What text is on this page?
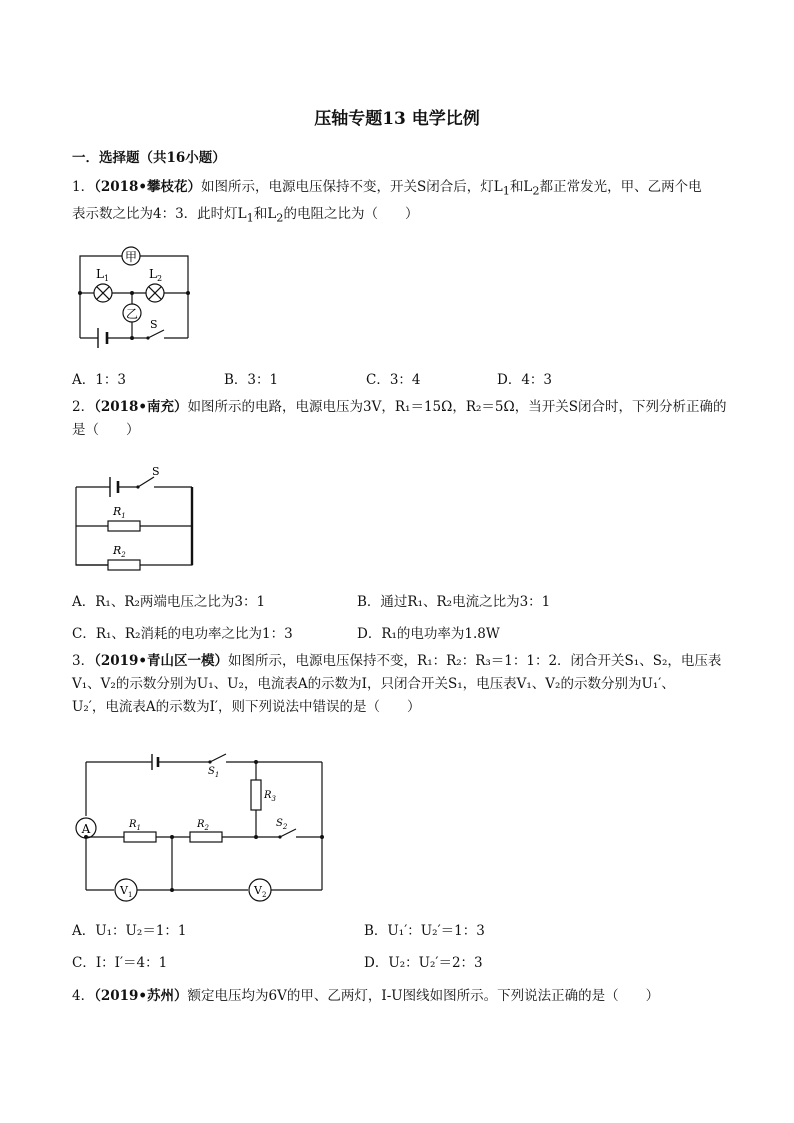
压轴专题13 电学比例
一．选择题（共16小题）
1．（2018•攀枝花）如图所示，电源电压保持不变，开关S闭合后，灯$L_1$和$L_2$都正常发光，甲、乙两个电
表示数之比为4：3．此时灯$L_1$和$L_2$的电阻之比为（　　）
甲
乙
$L_1$	$L_2$
S
A．1：3	B．3：1	C．3：4	D．4：3
2．（2018•南充）如图所示的电路，电源电压为3V，R₁＝15Ω，R₂＝5Ω，当开关S闭合时，下列分析正确的
是（　　）
S
$R_1$
$R_2$
A．R₁、R₂两端电压之比为3：1	B．通过R₁、R₂电流之比为3：1
C．R₁、R₂消耗的电功率之比为1：3	D．R₁的电功率为1.8W
3．（2019•青山区一模）如图所示，电源电压保持不变，R₁：R₂：R₃＝1：1：2．闭合开关S₁、S₂，电压表
V₁、V₂的示数分别为U₁、U₂，电流表A的示数为I，只闭合开关S₁，电压表V₁、V₂的示数分别为U₁′、
U₂′，电流表A的示数为I′，则下列说法中错误的是（　　）
A
$S_1$
$S_2$
$R_3$
$R_1$	$R_2$
$V_1$	$V_2$
A．U₁：U₂＝1：1	B．U₁′：U₂′＝1：3
C．I：I′＝4：1	D．U₂：U₂′＝2：3
4．（2019•苏州）额定电压均为6V的甲、乙两灯，I-U图线如图所示。下列说法正确的是（　　）
